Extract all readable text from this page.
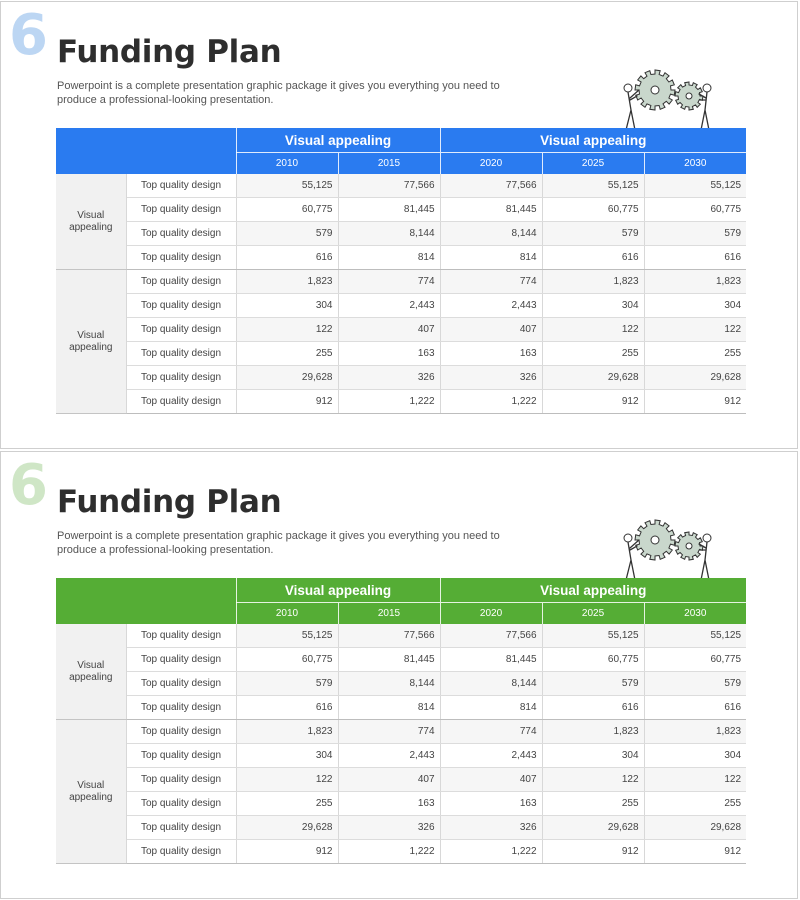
6 Funding Plan
Powerpoint is a complete presentation graphic package it gives you everything you need to produce a professional-looking presentation.
		Visual appealing		Visual appealing		
		2010	2015	2020	2025	2030
Visual appealing	Top quality design	55,125	77,566	77,566	55,125	55,125
	Top quality design	60,775	81,445	81,445	60,775	60,775
	Top quality design	579	8,144	8,144	579	579
	Top quality design	616	814	814	616	616
Visual appealing	Top quality design	1,823	774	774	1,823	1,823
	Top quality design	304	2,443	2,443	304	304
	Top quality design	122	407	407	122	122
	Top quality design	255	163	163	255	255
	Top quality design	29,628	326	326	29,628	29,628
	Top quality design	912	1,222	1,222	912	912
6 Funding Plan
Powerpoint is a complete presentation graphic package it gives you everything you need to produce a professional-looking presentation.
		Visual appealing		Visual appealing		
		2010	2015	2020	2025	2030
Visual appealing	Top quality design	55,125	77,566	77,566	55,125	55,125
	Top quality design	60,775	81,445	81,445	60,775	60,775
	Top quality design	579	8,144	8,144	579	579
	Top quality design	616	814	814	616	616
Visual appealing	Top quality design	1,823	774	774	1,823	1,823
	Top quality design	304	2,443	2,443	304	304
	Top quality design	122	407	407	122	122
	Top quality design	255	163	163	255	255
	Top quality design	29,628	326	326	29,628	29,628
	Top quality design	912	1,222	1,222	912	912
